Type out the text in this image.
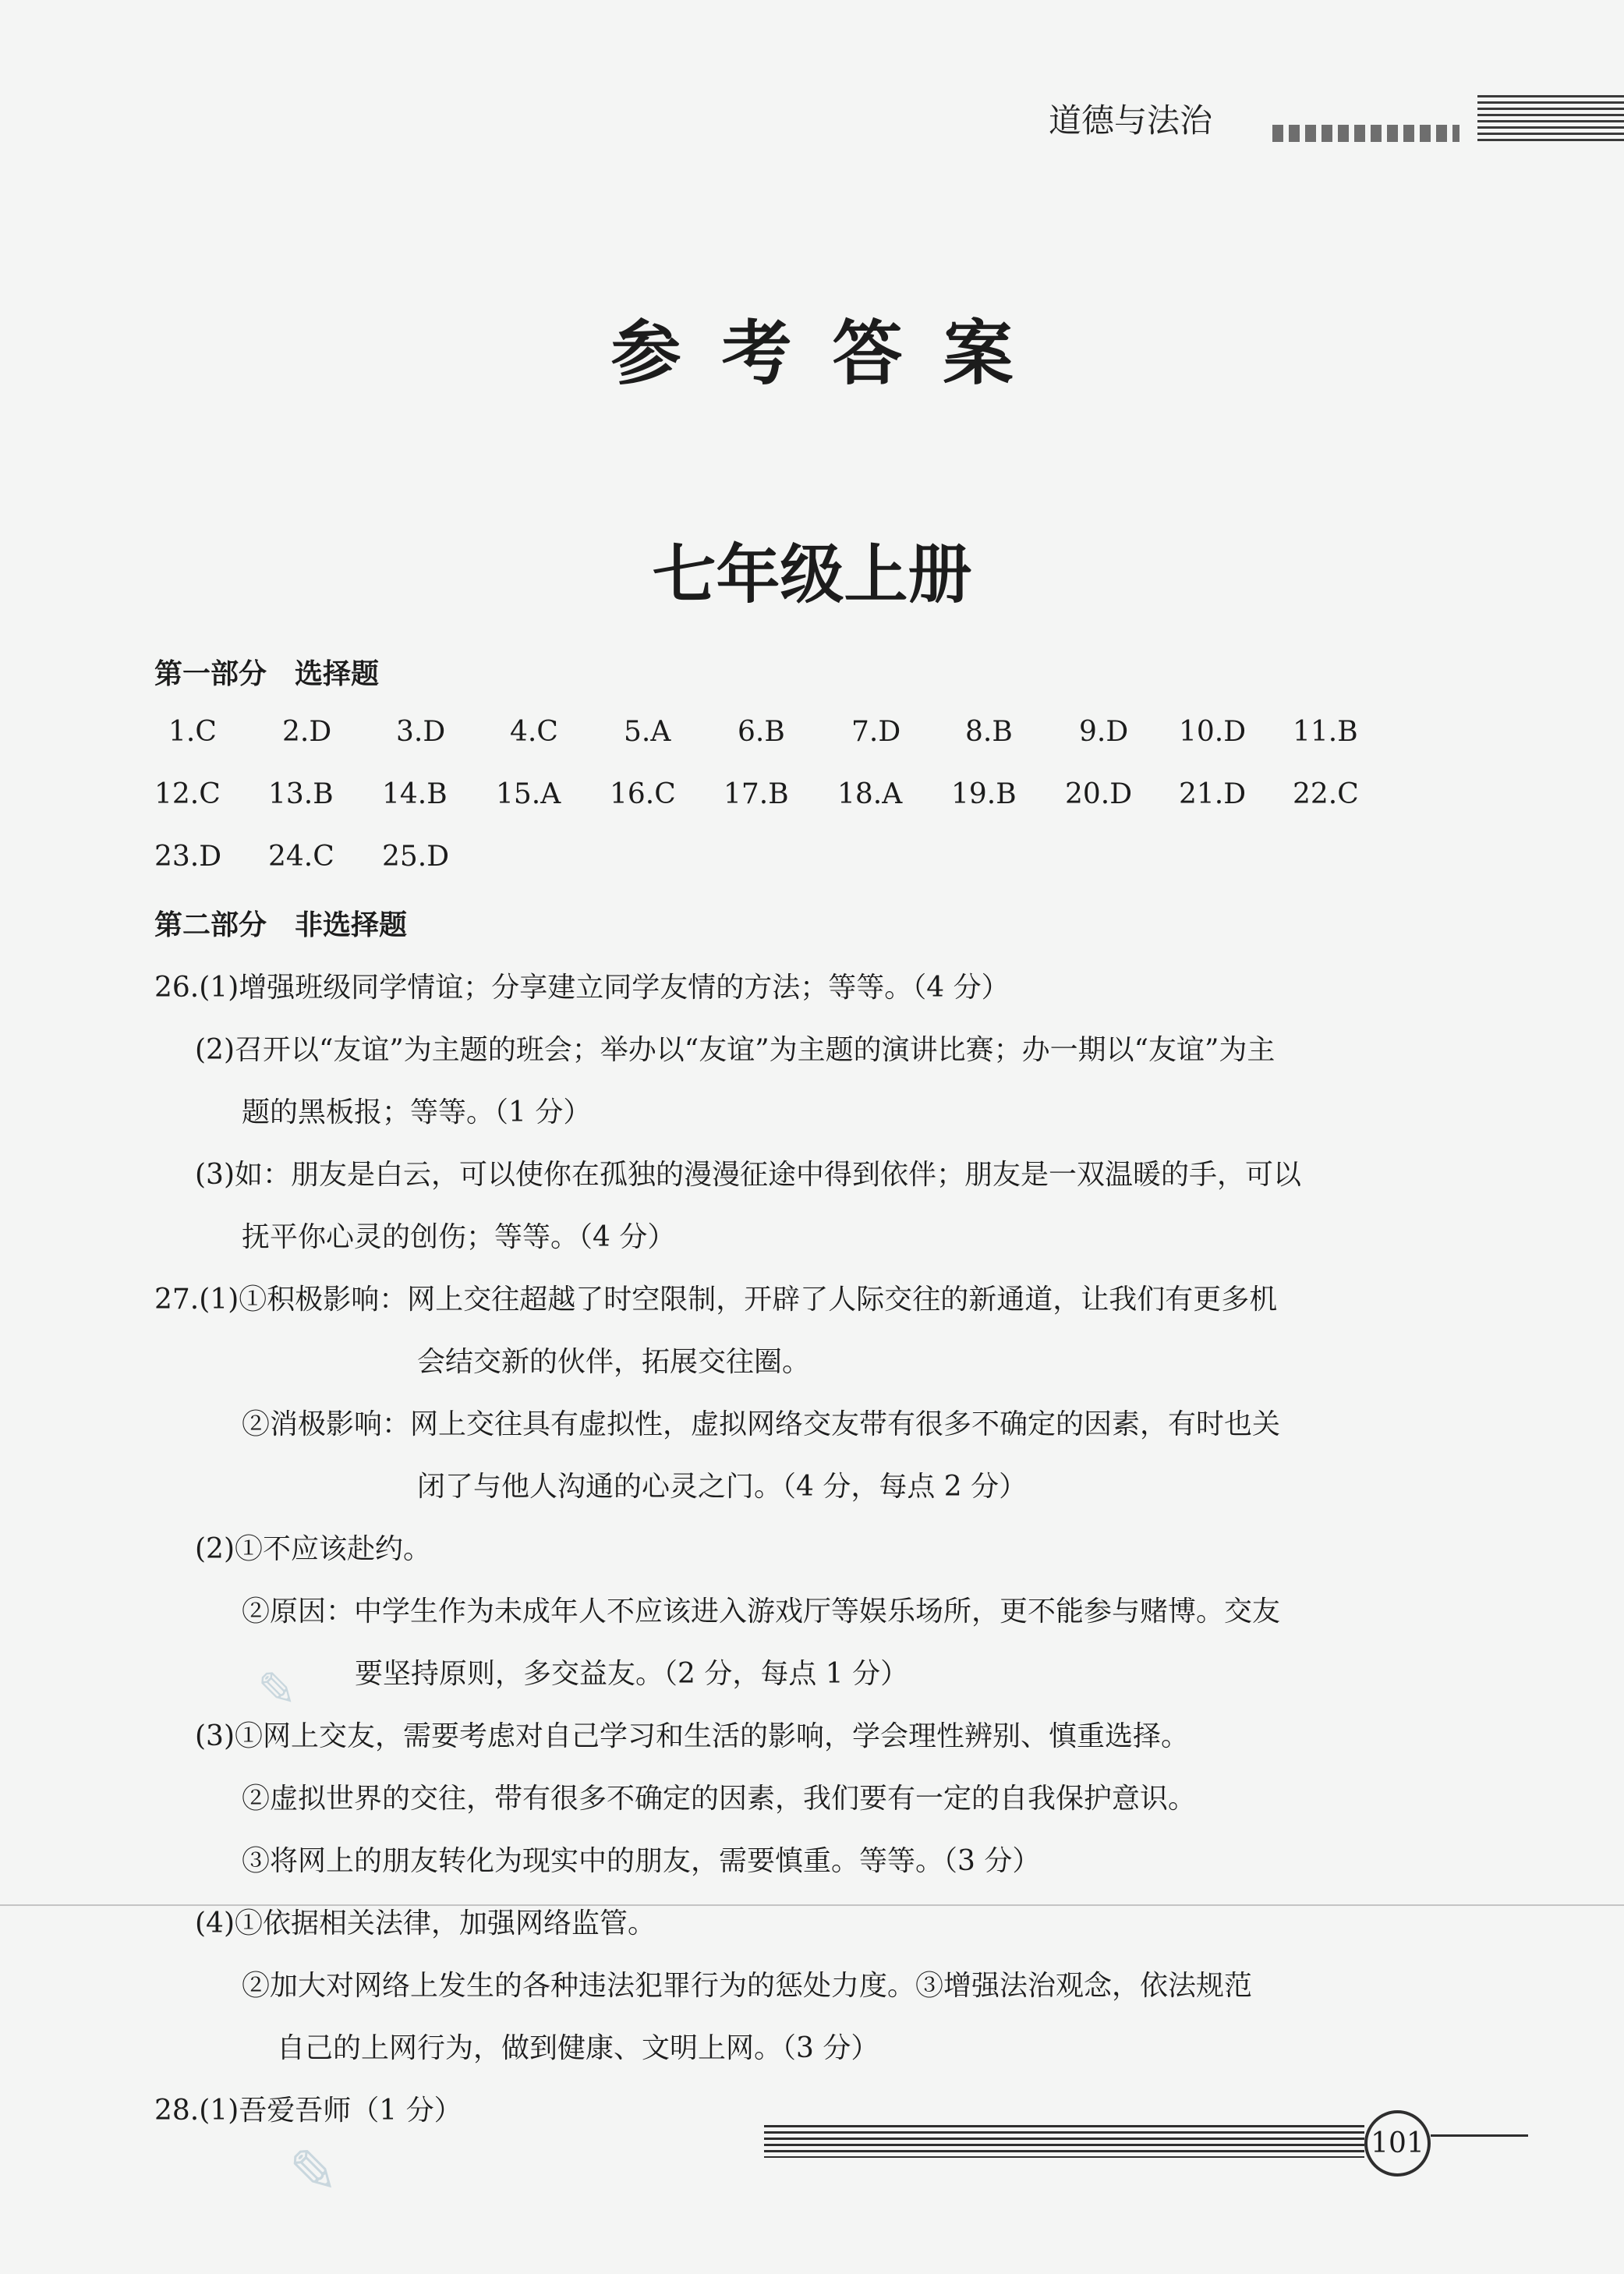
道德与法治

参考答案

七年级上册

第一部分　选择题

1.C	2.D	3.D	4.C	5.A	6.B	7.D	8.B	9.D	10.D	11.B
12.C	13.B	14.B	15.A	16.C	17.B	18.A	19.B	20.D	21.D	22.C
23.D	24.C	25.D

第二部分　非选择题

26.(1)增强班级同学情谊；分享建立同学友情的方法；等等。（4 分）

(2)召开以“友谊”为主题的班会；举办以“友谊”为主题的演讲比赛；办一期以“友谊”为主

题的黑板报；等等。（1 分）

(3)如：朋友是白云，可以使你在孤独的漫漫征途中得到依伴；朋友是一双温暖的手，可以

抚平你心灵的创伤；等等。（4 分）

27.(1)①积极影响：网上交往超越了时空限制，开辟了人际交往的新通道，让我们有更多机

会结交新的伙伴，拓展交往圈。

②消极影响：网上交往具有虚拟性，虚拟网络交友带有很多不确定的因素，有时也关

闭了与他人沟通的心灵之门。（4 分，每点 2 分）

(2)①不应该赴约。

②原因：中学生作为未成年人不应该进入游戏厅等娱乐场所，更不能参与赌博。交友

要坚持原则，多交益友。（2 分，每点 1 分）

(3)①网上交友，需要考虑对自己学习和生活的影响，学会理性辨别、慎重选择。

②虚拟世界的交往，带有很多不确定的因素，我们要有一定的自我保护意识。

③将网上的朋友转化为现实中的朋友，需要慎重。等等。（3 分）

(4)①依据相关法律，加强网络监管。

②加大对网络上发生的各种违法犯罪行为的惩处力度。③增强法治观念，依法规范

自己的上网行为，做到健康、文明上网。（3 分）

28.(1)吾爱吾师（1 分）

✎
✎	101
